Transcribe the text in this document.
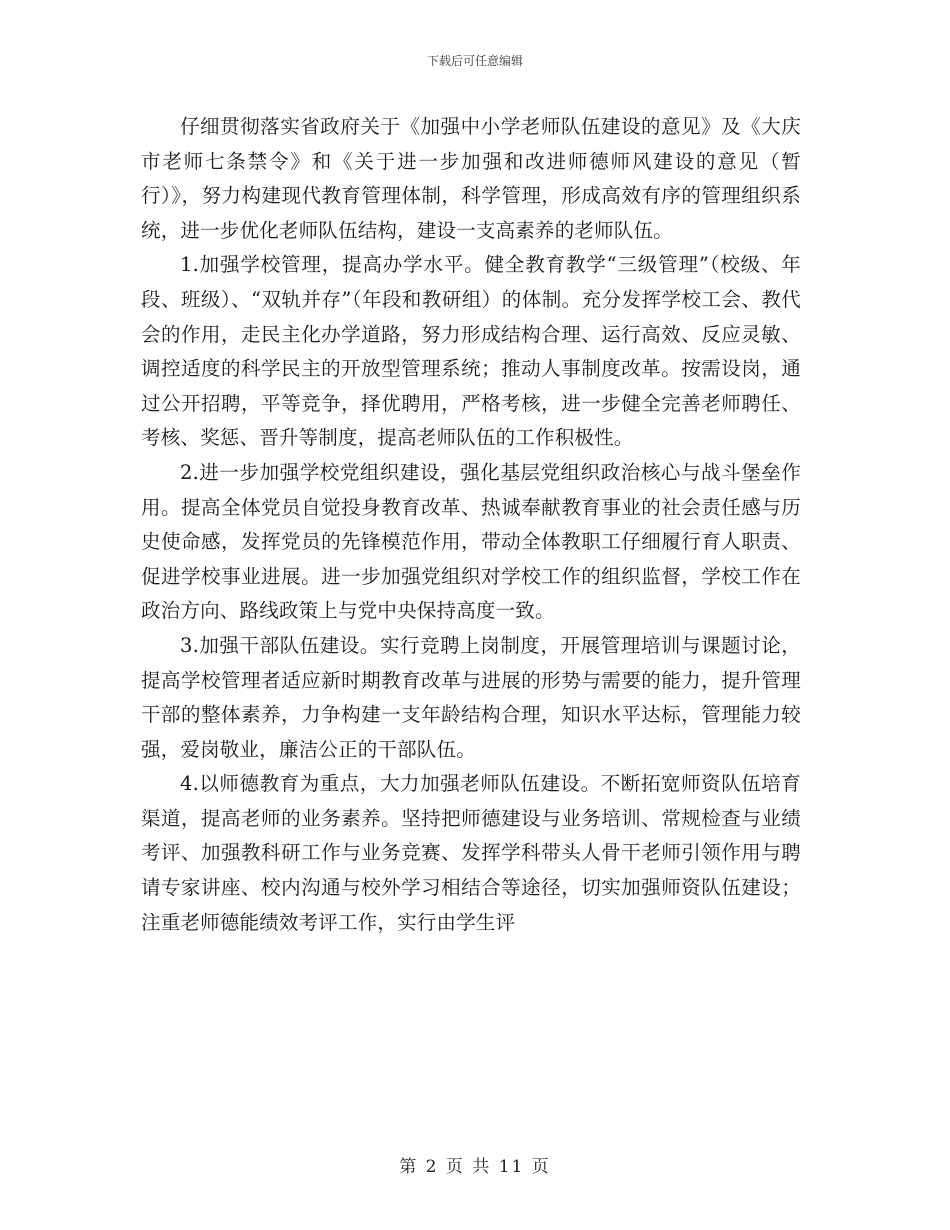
下载后可任意编辑

仔细贯彻落实省政府关于《加强中小学老师队伍建设的意见》及《大庆市老师七条禁令》和《关于进一步加强和改进师德师风建设的意见（暂行）》，努力构建现代教育管理体制，科学管理，形成高效有序的管理组织系统，进一步优化老师队伍结构，建设一支高素养的老师队伍。

1.加强学校管理，提高办学水平。健全教育教学“三级管理”（校级、年段、班级）、“双轨并存”（年段和教研组）的体制。充分发挥学校工会、教代会的作用，走民主化办学道路，努力形成结构合理、运行高效、反应灵敏、调控适度的科学民主的开放型管理系统；推动人事制度改革。按需设岗，通过公开招聘，平等竞争，择优聘用，严格考核，进一步健全完善老师聘任、考核、奖惩、晋升等制度，提高老师队伍的工作积极性。

2.进一步加强学校党组织建设，强化基层党组织政治核心与战斗堡垒作用。提高全体党员自觉投身教育改革、热诚奉献教育事业的社会责任感与历史使命感，发挥党员的先锋模范作用，带动全体教职工仔细履行育人职责、促进学校事业进展。进一步加强党组织对学校工作的组织监督，学校工作在政治方向、路线政策上与党中央保持高度一致。

3.加强干部队伍建设。实行竞聘上岗制度，开展管理培训与课题讨论，提高学校管理者适应新时期教育改革与进展的形势与需要的能力，提升管理干部的整体素养，力争构建一支年龄结构合理，知识水平达标，管理能力较强，爱岗敬业，廉洁公正的干部队伍。

4.以师德教育为重点，大力加强老师队伍建设。不断拓宽师资队伍培育渠道，提高老师的业务素养。坚持把师德建设与业务培训、常规检查与业绩考评、加强教科研工作与业务竞赛、发挥学科带头人骨干老师引领作用与聘请专家讲座、校内沟通与校外学习相结合等途径，切实加强师资队伍建设；注重老师德能绩效考评工作，实行由学生评

第 2 页 共 11 页
